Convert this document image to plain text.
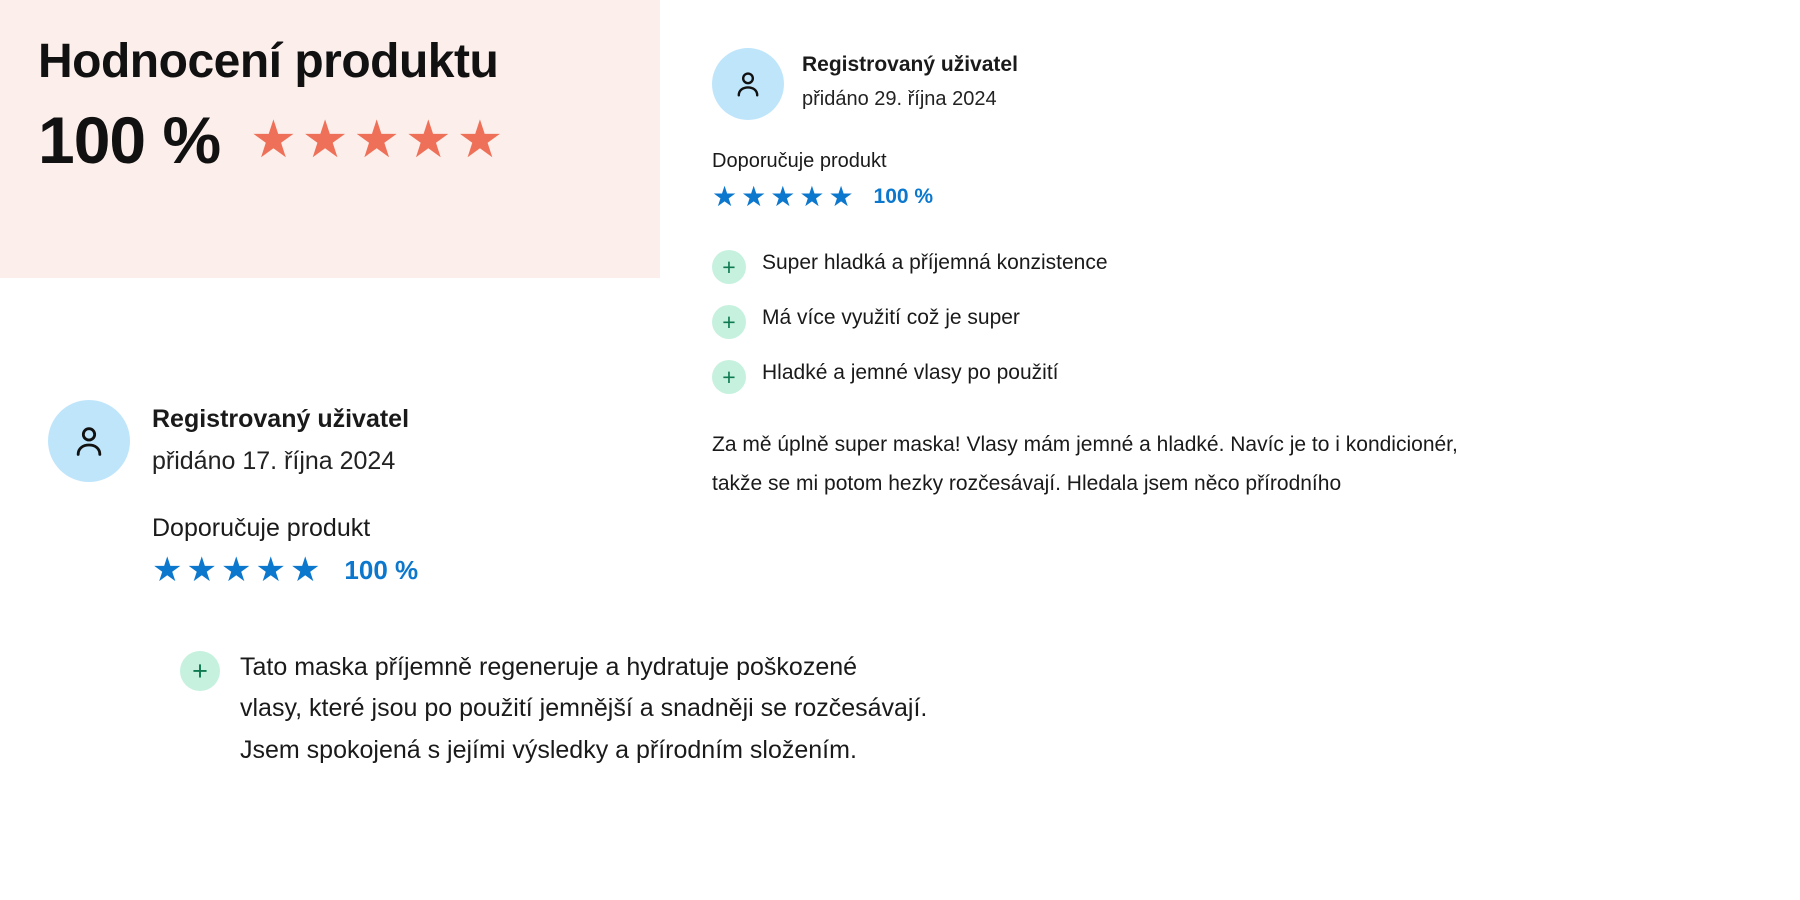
Hodnocení produktu
100 % ★ ★ ★ ★ ★
Registrovaný uživatel
přidáno 29. října 2024
Doporučuje produkt
★ ★ ★ ★ ★ 100 %
+	Super hladká a příjemná konzistence
+	Má více využití což je super
+	Hladké a jemné vlasy po použití
Za mě úplně super maska! Vlasy mám jemné a hladké. Navíc je to i kondicionér,
takže se mi potom hezky rozčesávají. Hledala jsem něco přírodního
Registrovaný uživatel
přidáno 17. října 2024
Doporučuje produkt
★ ★ ★ ★ ★ 100 %
+	Tato maska příjemně regeneruje a hydratuje poškozené
vlasy, které jsou po použití jemnější a snadněji se rozčesávají.
Jsem spokojená s jejími výsledky a přírodním složením.
